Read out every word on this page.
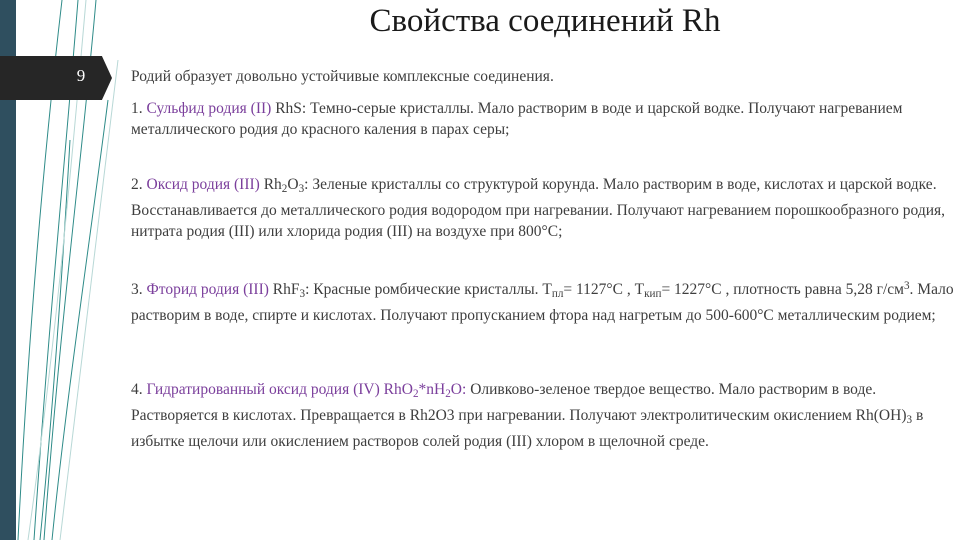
9
Свойства соединений Rh

Родий образует довольно устойчивые комплексные соединения.

1. Сульфид родия (II) RhS: Темно-серые кристаллы. Мало растворим в воде и царской водке. Получают нагреванием металлического родия до красного каления в парах серы;

2. Оксид родия (III) $Rh_2O_3$: Зеленые кристаллы со структурой корунда. Мало растворим в воде, кислотах и царской водке. Восстанавливается до металлического родия водородом при нагревании. Получают нагреванием порошкообразного родия, нитрата родия (III) или хлорида родия (III) на воздухе при 800°С;

3. Фторид родия (III) RhF$_3$: Красные ромбические кристаллы. $Т_{пл}= 1127^\circ C$ , $Т_{кип}= 1227^\circ C$ , плотность равна 5,28 $г/см^3$. Мало растворим в воде, спирте и кислотах. Получают пропусканием фтора над нагретым до 500-600°С металлическим родием;

4. Гидратированный оксид родия (IV) $RhO_2*nH_2O$: Оливково-зеленое твердое вещество. Мало растворим в воде. Растворяется в кислотах. Превращается в Rh2O3 при нагревании. Получают электролитическим окислением $Rh(OH)_3$ в избытке щелочи или окислением растворов солей родия (III) хлором в щелочной среде.
